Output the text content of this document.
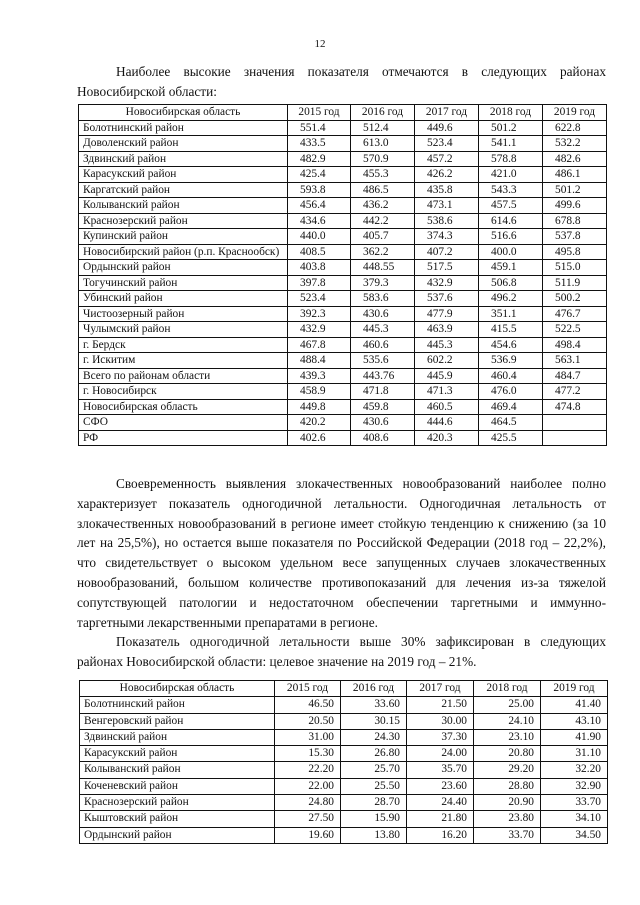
12

Наиболее высокие значения показателя отмечаются в следующих районах Новосибирской области:

Новосибирская область	2015 год	2016 год	2017 год	2018 год	2019 год
Болотнинский район	551.4	512.4	449.6	501.2	622.8
Доволенский район	433.5	613.0	523.4	541.1	532.2
Здвинский район	482.9	570.9	457.2	578.8	482.6
Карасукский район	425.4	455.3	426.2	421.0	486.1
Каргатский район	593.8	486.5	435.8	543.3	501.2
Колыванский район	456.4	436.2	473.1	457.5	499.6
Краснозерский район	434.6	442.2	538.6	614.6	678.8
Купинский район	440.0	405.7	374.3	516.6	537.8
Новосибирский район (р.п. Краснообск)	408.5	362.2	407.2	400.0	495.8
Ордынский район	403.8	448.55	517.5	459.1	515.0
Тогучинский район	397.8	379.3	432.9	506.8	511.9
Убинский район	523.4	583.6	537.6	496.2	500.2
Чистоозерный район	392.3	430.6	477.9	351.1	476.7
Чулымский район	432.9	445.3	463.9	415.5	522.5
г. Бердск	467.8	460.6	445.3	454.6	498.4
г. Искитим	488.4	535.6	602.2	536.9	563.1
Всего по районам области	439.3	443.76	445.9	460.4	484.7
г. Новосибирск	458.9	471.8	471.3	476.0	477.2
Новосибирская область	449.8	459.8	460.5	469.4	474.8
СФО	420.2	430.6	444.6	464.5	
РФ	402.6	408.6	420.3	425.5	

Своевременность выявления злокачественных новообразований наиболее полно характеризует показатель одногодичной летальности. Одногодичная летальность от злокачественных новообразований в регионе имеет стойкую тенденцию к снижению (за 10 лет на 25,5%), но остается выше показателя по Российской Федерации (2018 год – 22,2%), что свидетельствует о высоком удельном весе запущенных случаев злокачественных новообразований, большом количестве противопоказаний для лечения из-за тяжелой сопутствующей патологии и недостаточном обеспечении таргетными и иммунно-таргетными лекарственными препаратами в регионе.

Показатель одногодичной летальности выше 30% зафиксирован в следующих районах Новосибирской области: целевое значение на 2019 год – 21%.

Новосибирская область	2015 год	2016 год	2017 год	2018 год	2019 год
Болотнинский район	46.50	33.60	21.50	25.00	41.40
Венгеровский район	20.50	30.15	30.00	24.10	43.10
Здвинский район	31.00	24.30	37.30	23.10	41.90
Карасукский район	15.30	26.80	24.00	20.80	31.10
Колыванский район	22.20	25.70	35.70	29.20	32.20
Коченевский район	22.00	25.50	23.60	28.80	32.90
Краснозерский район	24.80	28.70	24.40	20.90	33.70
Кыштовский район	27.50	15.90	21.80	23.80	34.10
Ордынский район	19.60	13.80	16.20	33.70	34.50
